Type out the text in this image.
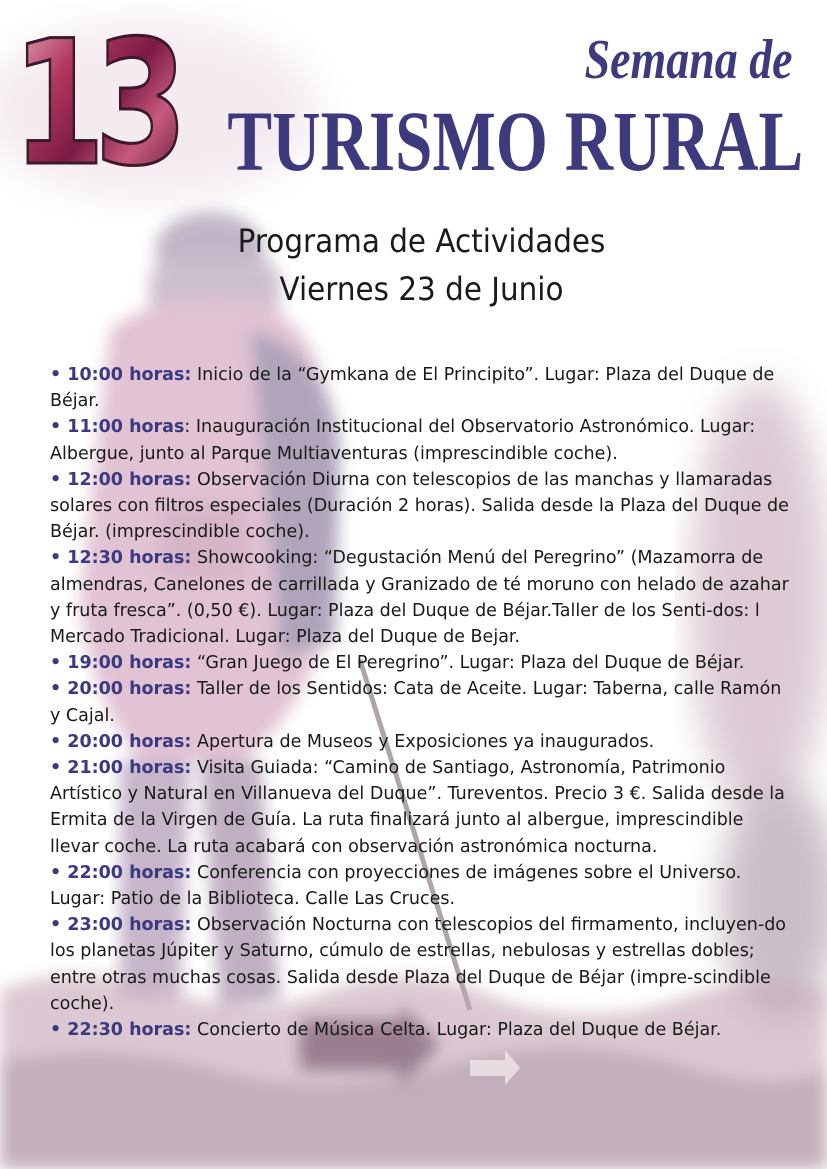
13	Semana de
TURISMO RURAL
Programa de Actividades
Viernes 23 de Junio

• 10:00 horas: Inicio de la “Gymkana de El Principito”. Lugar: Plaza del Duque de Béjar.

• 11:00 horas: Inauguración Institucional del Observatorio Astronómico. Lugar: Albergue, junto al Parque Multiaventuras (imprescindible coche).

• 12:00 horas: Observación Diurna con telescopios de las manchas y llamaradas solares con filtros especiales (Duración 2 horas). Salida desde la Plaza del Duque de Béjar. (imprescindible coche).

• 12:30 horas: Showcooking: “Degustación Menú del Peregrino” (Mazamorra de almendras, Canelones de carrillada y Granizado de té moruno con helado de azahar y fruta fresca”. (0,50 €). Lugar: Plaza del Duque de Béjar.Taller de los Senti-dos: l Mercado Tradicional. Lugar: Plaza del Duque de Bejar.

• 19:00 horas: “Gran Juego de El Peregrino”. Lugar: Plaza del Duque de Béjar.

• 20:00 horas: Taller de los Sentidos: Cata de Aceite. Lugar: Taberna, calle Ramón y Cajal.

• 20:00 horas: Apertura de Museos y Exposiciones ya inaugurados.

• 21:00 horas: Visita Guiada: “Camino de Santiago, Astronomía, Patrimonio Artístico y Natural en Villanueva del Duque”. Tureventos. Precio 3 €. Salida desde la Ermita de la Virgen de Guía. La ruta finalizará junto al albergue, imprescindible llevar coche. La ruta acabará con observación astronómica nocturna.

• 22:00 horas: Conferencia con proyecciones de imágenes sobre el Universo. Lugar: Patio de la Biblioteca. Calle Las Cruces.

• 23:00 horas: Observación Nocturna con telescopios del firmamento, incluyen-do los planetas Júpiter y Saturno, cúmulo de estrellas, nebulosas y estrellas dobles; entre otras muchas cosas. Salida desde Plaza del Duque de Béjar (impre-scindible coche).

• 22:30 horas: Concierto de Música Celta. Lugar: Plaza del Duque de Béjar.
